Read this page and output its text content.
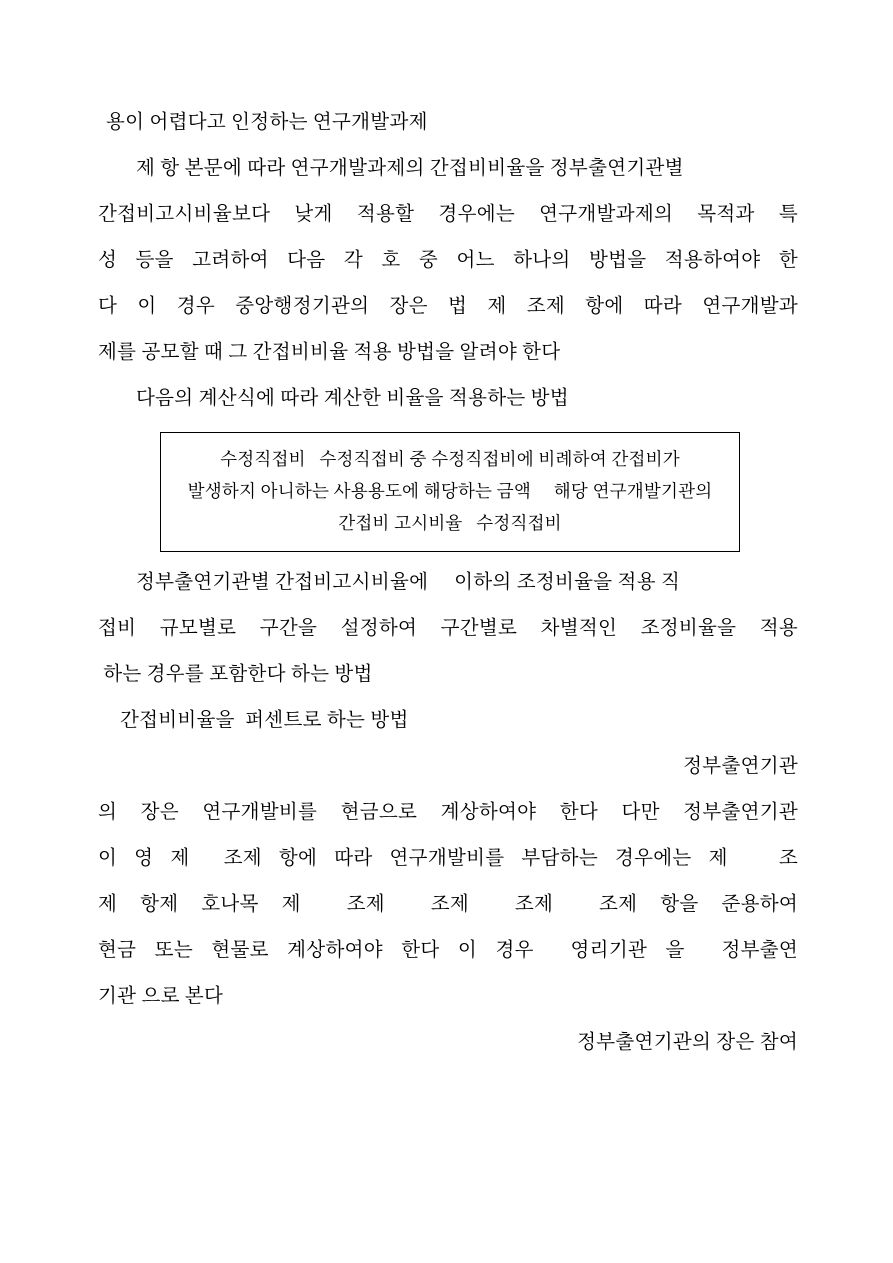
용이 어렵다고 인정하는 연구개발과제

제 항 본문에 따라 연구개발과제의 간접비비율을 정부출연기관별

간접비고시비율보다 낮게 적용할 경우에는 연구개발과제의 목적과 특

성 등을 고려하여 다음 각 호 중 어느 하나의 방법을 적용하여야 한

다 이 경우 중앙행정기관의 장은 법 제 조제 항에 따라 연구개발과

제를 공모할 때 그 간접비비율 적용 방법을 알려야 한다

다음의 계산식에 따라 계산한 비율을 적용하는 방법

수정직접비   수정직접비 중 수정직접비에 비례하여 간접비가

발생하지 아니하는 사용용도에 해당하는 금액     해당 연구개발기관의

간접비 고시비율   수정직접비

정부출연기관별 간접비고시비율에     이하의 조정비율을 적용 직

접비 규모별로 구간을 설정하여 구간별로 차별적인 조정비율을 적용

하는 경우를 포함한다 하는 방법

간접비비율을  퍼센트로 하는 방법

정부출연기관

의 장은 연구개발비를 현금으로 계상하여야 한다 다만 정부출연기관

이 영 제  조제 항에 따라 연구개발비를 부담하는 경우에는 제   조

제 항제 호나목 제  조제  조제  조제  조제 항을 준용하여

현금 또는 현물로 계상하여야 한다 이 경우  영리기관 을  정부출연

기관 으로 본다

정부출연기관의 장은 참여
